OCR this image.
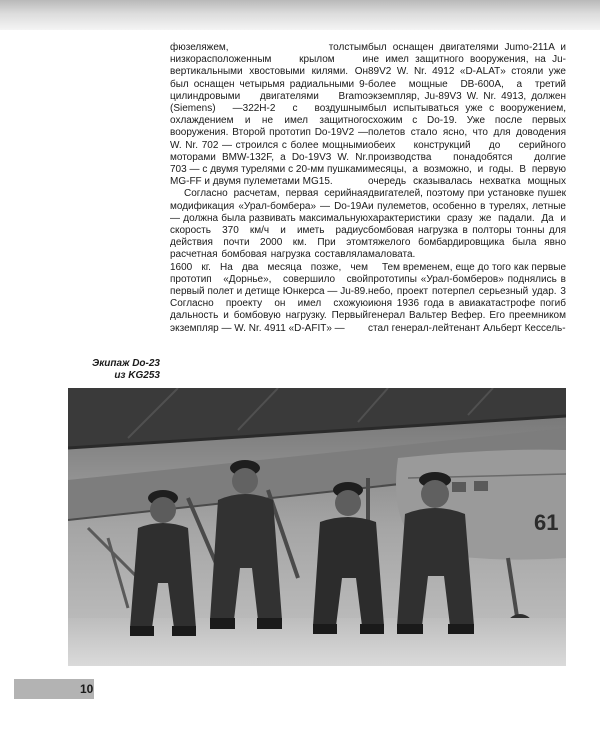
фюзеляжем, толстым низкорасположенным крылом и вертикальными хвостовыми килями. Он был оснащен четырьмя радиальными 9-цилиндровыми двигателями Bramo (Siemens) —322H-2 с воздушным охлаждением и не имел защитного вооружения. Второй прототип Do-19V2 — W. Nr. 702 — строился с более мощными моторами BMW-132F, а Do-19V3 W. Nr. 703 — с двумя турелями с 20-мм пушками MG-FF и двумя пулеметами MG15.

Согласно расчетам, первая серийная модификация «Урал-бомбера» — Do-19A — должна была развивать максимальную скорость 370 км/ч и иметь радиус действия почти 2000 км. При этом расчетная бомбовая нагрузка составляла 1600 кг. На два месяца позже, чем прототип «Дорнье», совершило свой первый полет и детище Юнкерса — Ju-89. Согласно проекту он имел схожую дальность и бомбовую нагрузку. Первый экземпляр — W. Nr. 4911 «D-AFIT» —

был оснащен двигателями Jumo-211A и не имел защитного вооружения, на Ju-89V2 W. Nr. 4912 «D-ALAT» стояли уже более мощные DB-600A, а третий экземпляр, Ju-89V3 W. Nr. 4913, должен был испытываться уже с вооружением, схожим с Do-19. Уже после первых полетов стало ясно, что для доводения обеих конструкций до серийного производства понадобятся долгие месяцы, а возможно, и годы. В первую очередь сказывалась нехватка мощных двигателей, поэтому при установке пушек и пулеметов, особенно в турелях, летные характеристики сразу же падали. Да и бомбовая нагрузка в полторы тонны для тяжелого бомбардировщика была явно маловата.

Тем временем, еще до того как первые прототипы «Урал-бомберов» поднялись в небо, проект потерпел серьезный удар. 3 июня 1936 года в авиакатастрофе погиб генерал Вальтер Вефер. Его преемником стал генерал-лейтенант Альберт Кессель-

Экипаж Do-23
из KG253
61
10
